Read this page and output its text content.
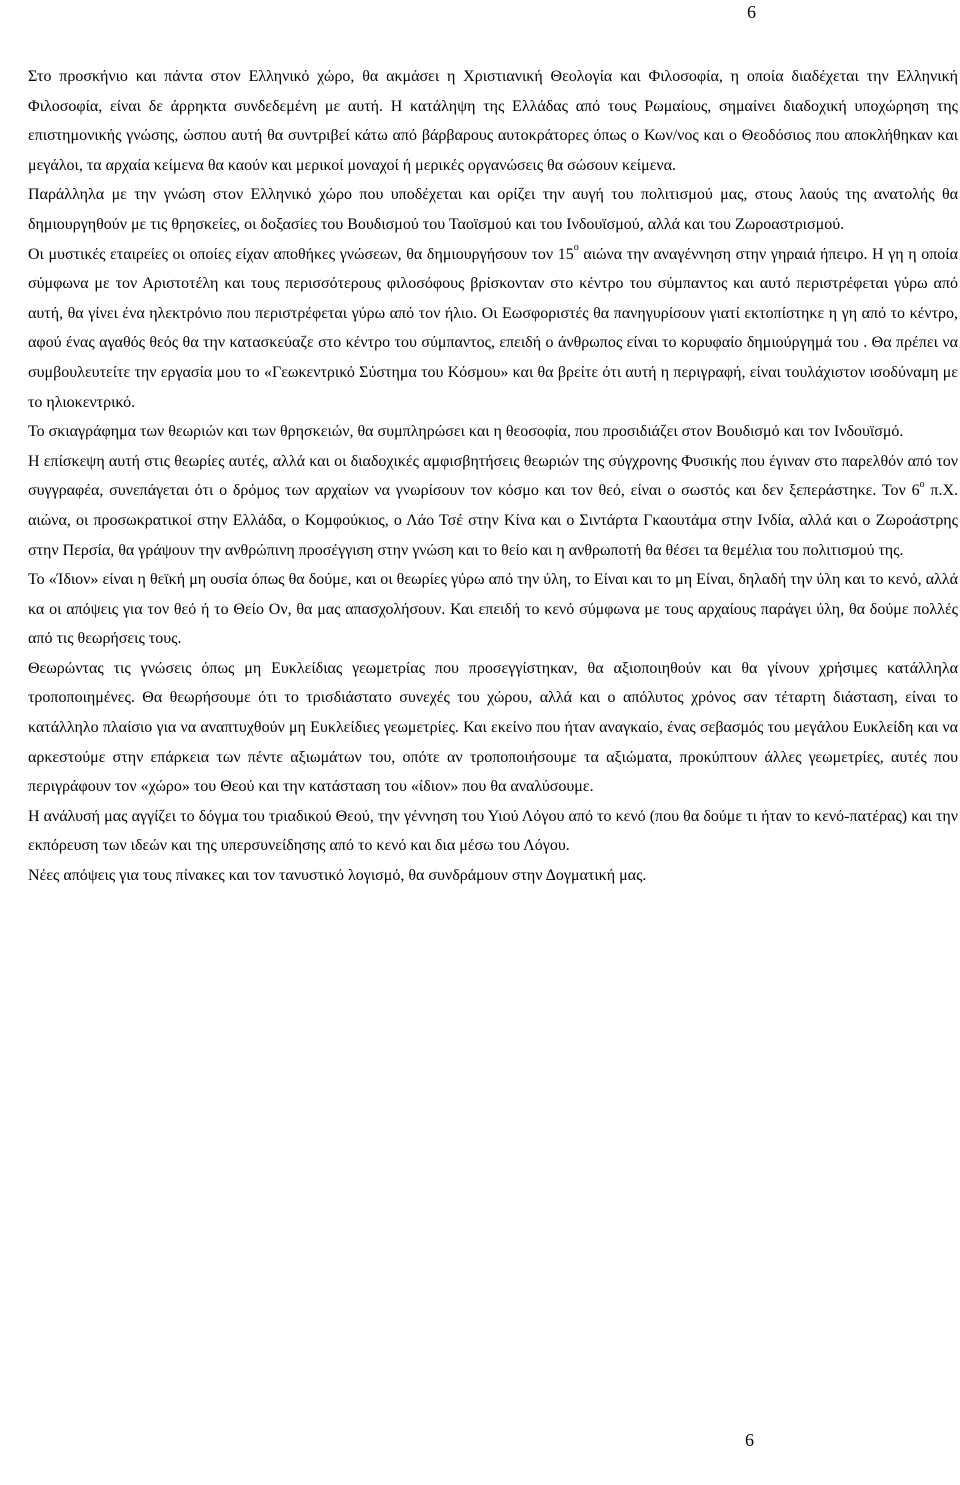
6

Στο προσκήνιο και πάντα στον Ελληνικό χώρο, θα ακμάσει η Χριστιανική Θεολογία και Φιλοσοφία, η οποία διαδέχεται την Ελληνική Φιλοσοφία, είναι δε άρρηκτα συνδεδεμένη με αυτή. Η κατάληψη της Ελλάδας από τους Ρωμαίους, σημαίνει διαδοχική υποχώρηση της επιστημονικής γνώσης, ώσπου αυτή θα συντριβεί κάτω από βάρβαρους αυτοκράτορες όπως ο Κων/νος και ο Θεοδόσιος που αποκλήθηκαν και μεγάλοι, τα αρχαία κείμενα θα καούν και μερικοί μοναχοί ή μερικές οργανώσεις θα σώσουν κείμενα.

Παράλληλα με την γνώση στον Ελληνικό χώρο που υποδέχεται και ορίζει την αυγή του πολιτισμού μας, στους λαούς της ανατολής θα δημιουργηθούν με τις θρησκείες, οι δοξασίες του Βουδισμού του Ταοϊσμού και του Ινδουϊσμού, αλλά και του Ζωροαστρισμού.

Οι μυστικές εταιρείες οι οποίες είχαν αποθήκες γνώσεων, θα δημιουργήσουν τον $15^o$ αιώνα την αναγέννηση στην γηραιά ήπειρο. Η γη η οποία σύμφωνα με τον Αριστοτέλη και τους περισσότερους φιλοσόφους βρίσκονταν στο κέντρο του σύμπαντος και αυτό περιστρέφεται γύρω από αυτή, θα γίνει ένα ηλεκτρόνιο που περιστρέφεται γύρω από τον ήλιο. Οι Εωσφοριστές θα πανηγυρίσουν γιατί εκτοπίστηκε η γη από το κέντρο, αφού ένας αγαθός θεός θα την κατασκεύαζε στο κέντρο του σύμπαντος, επειδή ο άνθρωπος είναι το κορυφαίο δημιούργημά του . Θα πρέπει να συμβουλευτείτε την εργασία μου το «Γεωκεντρικό Σύστημα του Κόσμου» και θα βρείτε ότι αυτή η περιγραφή, είναι τουλάχιστον ισοδύναμη με το ηλιοκεντρικό.

Το σκιαγράφημα των θεωριών και των θρησκειών, θα συμπληρώσει και η θεοσοφία, που προσιδιάζει στον Βουδισμό και τον Ινδουϊσμό.

Η επίσκεψη αυτή στις θεωρίες αυτές, αλλά και οι διαδοχικές αμφισβητήσεις θεωριών της σύγχρονης Φυσικής που έγιναν στο παρελθόν από τον συγγραφέα, συνεπάγεται ότι ο δρόμος των αρχαίων να γνωρίσουν τον κόσμο και τον θεό, είναι ο σωστός και δεν ξεπεράστηκε. Τον $6^o$ π.Χ. αιώνα, οι προσωκρατικοί στην Ελλάδα, ο Κομφούκιος, ο Λάο Τσέ στην Κίνα και ο Σιντάρτα Γκαουτάμα στην Ινδία, αλλά και ο Ζωροάστρης στην Περσία, θα γράψουν την ανθρώπινη προσέγγιση στην γνώση και το θείο και η ανθρωποτή θα θέσει τα θεμέλια του πολιτισμού της.

Το «Ίδιον» είναι η θεϊκή μη ουσία όπως θα δούμε, και οι θεωρίες γύρω από την ύλη, το Είναι και το μη Είναι, δηλαδή την ύλη και το κενό, αλλά κα οι απόψεις για τον θεό ή το Θείο Ον, θα μας απασχολήσουν. Και επειδή το κενό σύμφωνα με τους αρχαίους παράγει ύλη, θα δούμε πολλές από τις θεωρήσεις τους.

Θεωρώντας τις γνώσεις όπως μη Ευκλείδιας γεωμετρίας που προσεγγίστηκαν, θα αξιοποιηθούν και θα γίνουν χρήσιμες κατάλληλα τροποποιημένες. Θα θεωρήσουμε ότι το τρισδιάστατο συνεχές του χώρου, αλλά και ο απόλυτος χρόνος σαν τέταρτη διάσταση, είναι το κατάλληλο πλαίσιο για να αναπτυχθούν μη Ευκλείδιες γεωμετρίες. Και εκείνο που ήταν αναγκαίο, ένας σεβασμός του μεγάλου Ευκλείδη και να αρκεστούμε στην επάρκεια των πέντε αξιωμάτων του, οπότε αν τροποποιήσουμε τα αξιώματα, προκύπτουν άλλες γεωμετρίες, αυτές που περιγράφουν τον «χώρο» του Θεού και την κατάσταση του «ίδιον» που θα αναλύσουμε.

Η ανάλυσή μας αγγίζει το δόγμα του τριαδικού Θεού, την γέννηση του Υιού Λόγου από το κενό (που θα δούμε τι ήταν το κενό-πατέρας) και την εκπόρευση των ιδεών και της υπερσυνείδησης από το κενό και δια μέσω του Λόγου.

Νέες απόψεις για τους πίνακες και τον τανυστικό λογισμό, θα συνδράμουν στην Δογματική μας.

6
